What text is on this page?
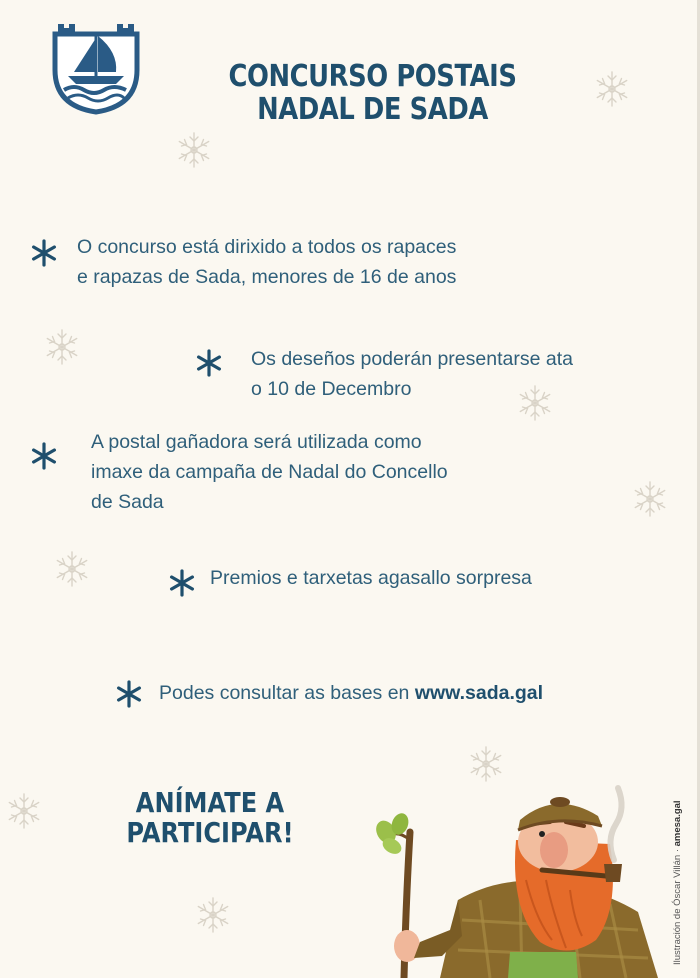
CONCURSO POSTAIS
NADAL DE SADA
O concurso está dirixido a todos os rapaces
e rapazas de Sada, menores de 16 de anos
Os deseños poderán presentarse ata
o 10 de Decembro
A postal gañadora será utilizada como
imaxe da campaña de Nadal do Concello
de Sada
Premios e tarxetas agasallo sorpresa
Podes consultar as bases en www.sada.gal
ANÍMATE A
PARTICIPAR!
Ilustración de Óscar Villán · amesa.gal
